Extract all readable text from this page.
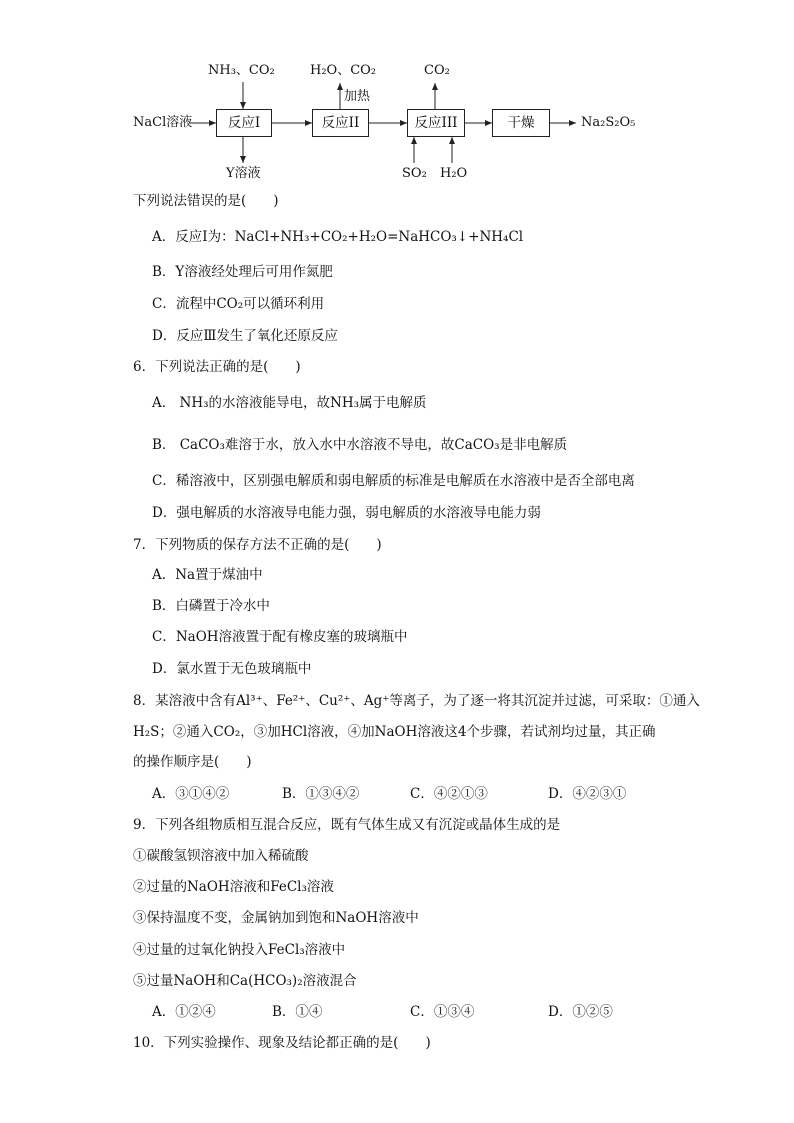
NaCl溶液
NH₃、CO₂
反应I
Y溶液
反应II
H₂O、CO₂
加热
反应III
CO₂
SO₂ H₂O
干燥	Na₂S₂O₅
下列说法错误的是(　　)
A．反应Ⅰ为：NaCl+NH₃+CO₂+H₂O=NaHCO₃↓+NH₄Cl
B．Y溶液经处理后可用作氮肥
C．流程中CO₂可以循环利用
D．反应Ⅲ发生了氧化还原反应
6．下列说法正确的是(　　)
A． NH₃的水溶液能导电，故NH₃属于电解质
B． CaCO₃难溶于水，放入水中水溶液不导电，故CaCO₃是非电解质
C．稀溶液中，区别强电解质和弱电解质的标准是电解质在水溶液中是否全部电离
D．强电解质的水溶液导电能力强，弱电解质的水溶液导电能力弱
7．下列物质的保存方法不正确的是(　　)
A．Na置于煤油中
B．白磷置于冷水中
C．NaOH溶液置于配有橡皮塞的玻璃瓶中
D．氯水置于无色玻璃瓶中
8．某溶液中含有Al³⁺、Fe²⁺、Cu²⁺、Ag⁺等离子，为了逐一将其沉淀并过滤，可采取：①通入
H₂S；②通入CO₂，③加HCl溶液，④加NaOH溶液这4个步骤，若试剂均过量，其正确
的操作顺序是(　　)
A．③①④②	B．①③④②	C．④②①③	D．④②③①
9．下列各组物质相互混合反应，既有气体生成又有沉淀或晶体生成的是
①碳酸氢钡溶液中加入稀硫酸
②过量的NaOH溶液和FeCl₃溶液
③保持温度不变，金属钠加到饱和NaOH溶液中
④过量的过氧化钠投入FeCl₃溶液中
⑤过量NaOH和Ca(HCO₃)₂溶液混合
A．①②④	B．①④	C．①③④	D．①②⑤
10．下列实验操作、现象及结论都正确的是(　　)
